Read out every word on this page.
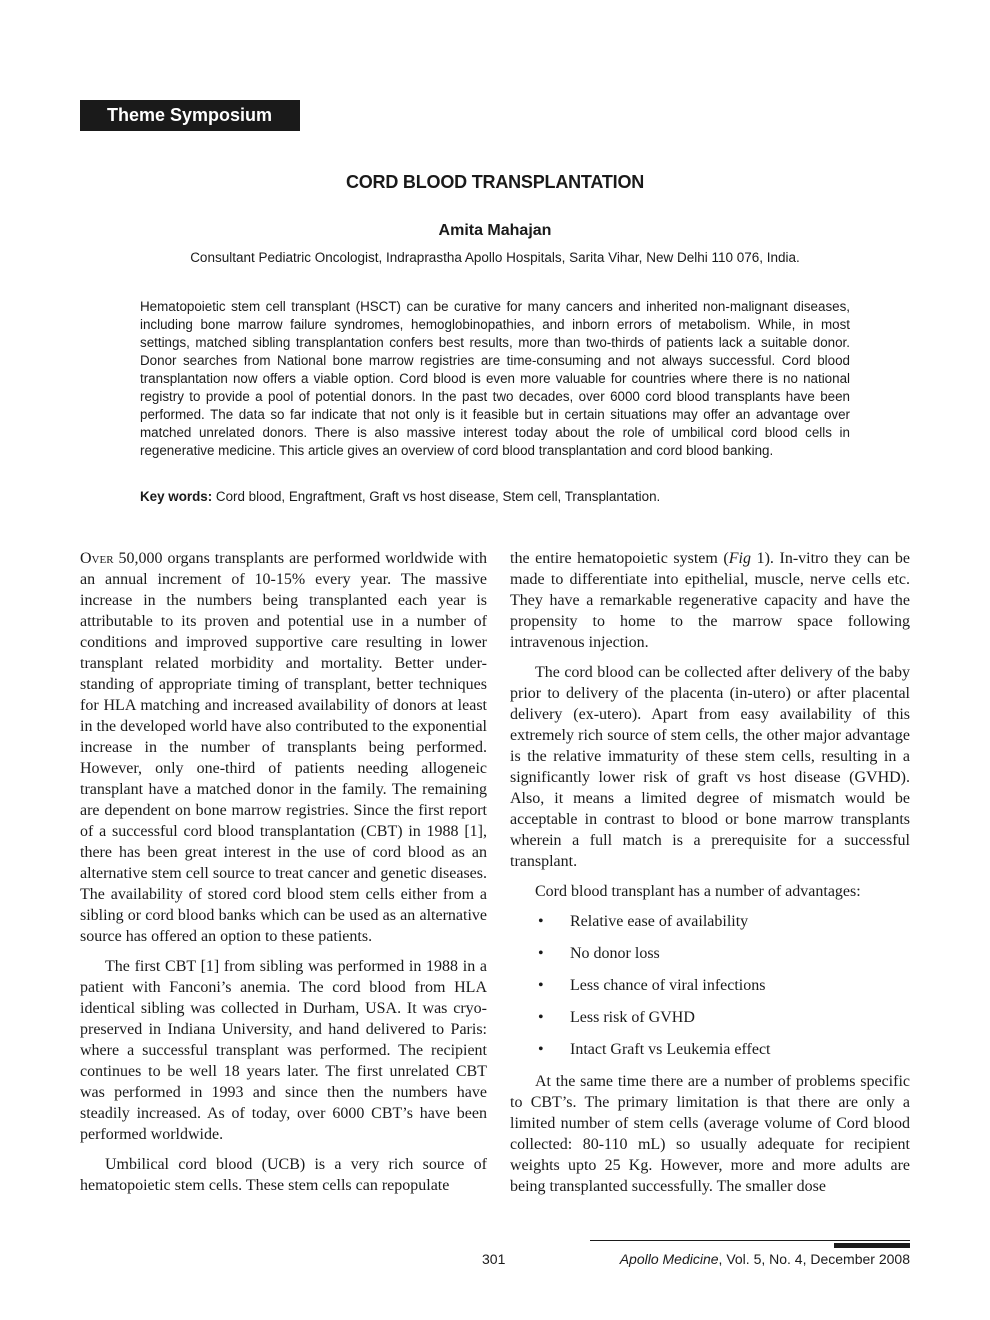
Theme Symposium
CORD BLOOD TRANSPLANTATION
Amita Mahajan
Consultant Pediatric Oncologist, Indraprastha Apollo Hospitals, Sarita Vihar, New Delhi 110 076, India.

Hematopoietic stem cell transplant (HSCT) can be curative for many cancers and inherited non-malignant diseases, including bone marrow failure syndromes, hemoglobinopathies, and inborn errors of metabolism. While, in most settings, matched sibling transplantation confers best results, more than two-thirds of patients lack a suitable donor. Donor searches from National bone marrow registries are time-consuming and not always successful. Cord blood transplantation now offers a viable option. Cord blood is even more valuable for countries where there is no national registry to provide a pool of potential donors. In the past two decades, over 6000 cord blood transplants have been performed. The data so far indicate that not only is it feasible but in certain situations may offer an advantage over matched unrelated donors. There is also massive interest today about the role of umbilical cord blood cells in regenerative medicine. This article gives an overview of cord blood transplantation and cord blood banking.

Key words: Cord blood, Engraftment, Graft vs host disease, Stem cell, Transplantation.

Over 50,000 organs transplants are performed worldwide with an annual increment of 10-15% every year. The massive increase in the numbers being transplanted each year is attributable to its proven and potential use in a number of conditions and improved supportive care resulting in lower transplant related morbidity and mortality. Better under-standing of appropriate timing of transplant, better techniques for HLA matching and increased availability of donors at least in the developed world have also contributed to the exponential increase in the number of transplants being performed. However, only one-third of patients needing allogeneic transplant have a matched donor in the family. The remaining are dependent on bone marrow registries. Since the first report of a successful cord blood transplantation (CBT) in 1988 [1], there has been great interest in the use of cord blood as an alternative stem cell source to treat cancer and genetic diseases. The availability of stored cord blood stem cells either from a sibling or cord blood banks which can be used as an alternative source has offered an option to these patients.

The first CBT [1] from sibling was performed in 1988 in a patient with Fanconi’s anemia. The cord blood from HLA identical sibling was collected in Durham, USA. It was cryo-preserved in Indiana University, and hand delivered to Paris: where a successful transplant was performed. The recipient continues to be well 18 years later. The first unrelated CBT was performed in 1993 and since then the numbers have steadily increased. As of today, over 6000 CBT’s have been performed worldwide.

Umbilical cord blood (UCB) is a very rich source of hematopoietic stem cells. These stem cells can repopulate

the entire hematopoietic system (Fig 1). In-vitro they can be made to differentiate into epithelial, muscle, nerve cells etc. They have a remarkable regenerative capacity and have the propensity to home to the marrow space following intravenous injection.

The cord blood can be collected after delivery of the baby prior to delivery of the placenta (in-utero) or after placental delivery (ex-utero). Apart from easy availability of this extremely rich source of stem cells, the other major advantage is the relative immaturity of these stem cells, resulting in a significantly lower risk of graft vs host disease (GVHD). Also, it means a limited degree of mismatch would be acceptable in contrast to blood or bone marrow transplants wherein a full match is a prerequisite for a successful transplant.

Cord blood transplant has a number of advantages:

• Relative ease of availability
• No donor loss
• Less chance of viral infections
• Less risk of GVHD
• Intact Graft vs Leukemia effect

At the same time there are a number of problems specific to CBT’s. The primary limitation is that there are only a limited number of stem cells (average volume of Cord blood collected: 80-110 mL) so usually adequate for recipient weights upto 25 Kg. However, more and more adults are being transplanted successfully. The smaller dose

301	Apollo Medicine, Vol. 5, No. 4, December 2008
